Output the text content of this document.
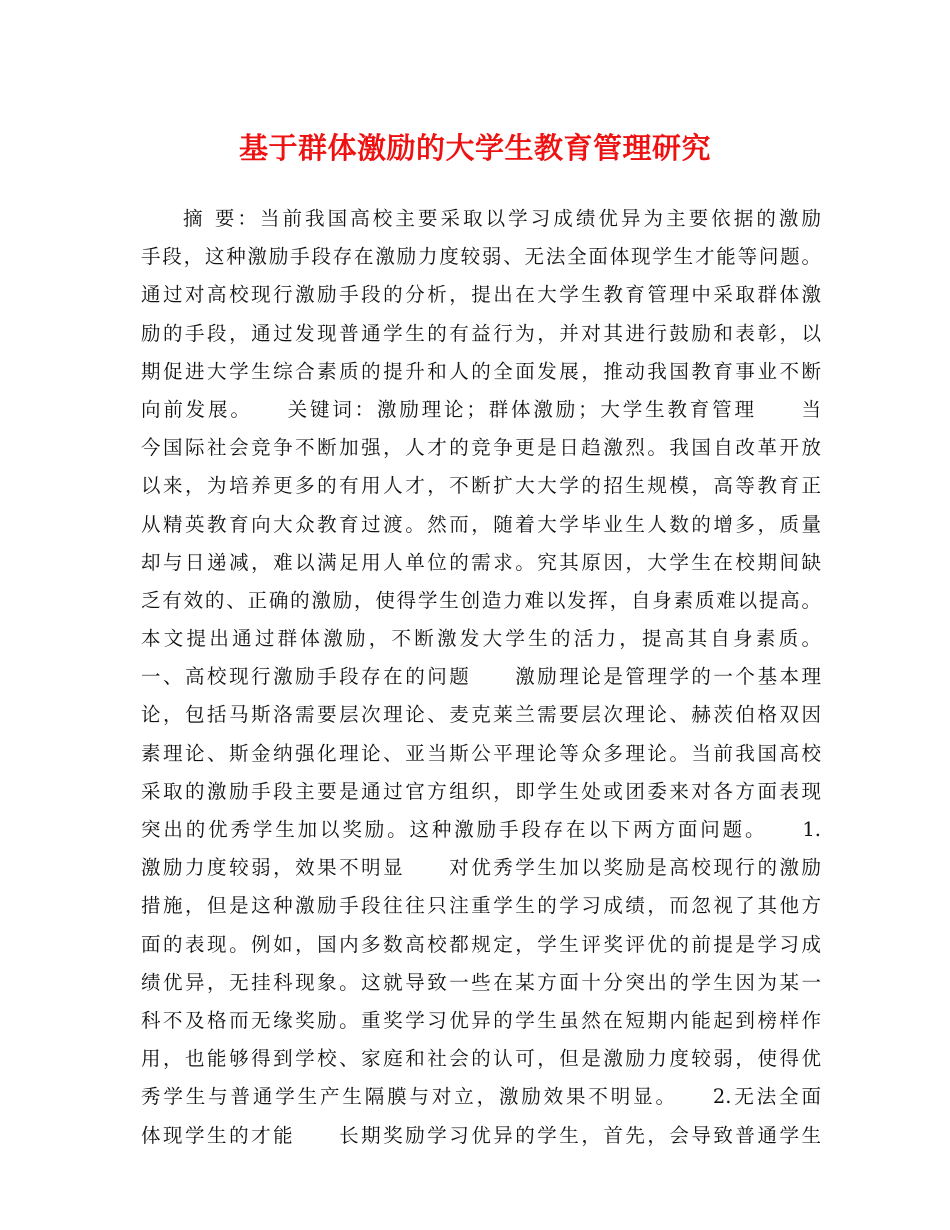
基于群体激励的大学生教育管理研究
摘 要：当前我国高校主要采取以学习成绩优异为主要依据的激励
手段，这种激励手段存在激励力度较弱、无法全面体现学生才能等问题。
通过对高校现行激励手段的分析，提出在大学生教育管理中采取群体激
励的手段，通过发现普通学生的有益行为，并对其进行鼓励和表彰，以
期促进大学生综合素质的提升和人的全面发展，推动我国教育事业不断
向前发展。　　关键词：激励理论；群体激励；大学生教育管理　　当
今国际社会竞争不断加强，人才的竞争更是日趋激烈。我国自改革开放
以来，为培养更多的有用人才，不断扩大大学的招生规模，高等教育正
从精英教育向大众教育过渡。然而，随着大学毕业生人数的增多，质量
却与日递减，难以满足用人单位的需求。究其原因，大学生在校期间缺
乏有效的、正确的激励，使得学生创造力难以发挥，自身素质难以提高。
本文提出通过群体激励，不断激发大学生的活力，提高其自身素质。
一、高校现行激励手段存在的问题　　激励理论是管理学的一个基本理
论，包括马斯洛需要层次理论、麦克莱兰需要层次理论、赫茨伯格双因
素理论、斯金纳强化理论、亚当斯公平理论等众多理论。当前我国高校
采取的激励手段主要是通过官方组织，即学生处或团委来对各方面表现
突出的优秀学生加以奖励。这种激励手段存在以下两方面问题。　　1.
激励力度较弱，效果不明显　　对优秀学生加以奖励是高校现行的激励
措施，但是这种激励手段往往只注重学生的学习成绩，而忽视了其他方
面的表现。例如，国内多数高校都规定，学生评奖评优的前提是学习成
绩优异，无挂科现象。这就导致一些在某方面十分突出的学生因为某一
科不及格而无缘奖励。重奖学习优异的学生虽然在短期内能起到榜样作
用，也能够得到学校、家庭和社会的认可，但是激励力度较弱，使得优
秀学生与普通学生产生隔膜与对立，激励效果不明显。　　2.无法全面
体现学生的才能　　长期奖励学习优异的学生，首先，会导致普通学生
